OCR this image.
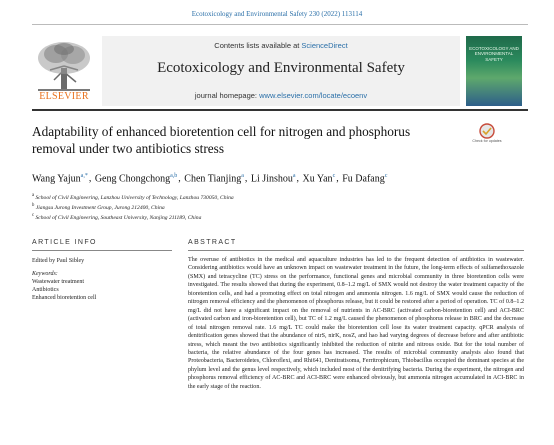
Ecotoxicology and Environmental Safety 230 (2022) 113114
ELSEVIER
Contents lists available at ScienceDirect
Ecotoxicology and Environmental Safety
journal homepage: www.elsevier.com/locate/ecoenv
ECOTOXICOLOGY AND ENVIRONMENTAL SAFETY
Adaptability of enhanced bioretention cell for nitrogen and phosphorus removal under two antibiotics stress	Check for updates
Wang Yajun$^{a,*}$, Geng Chongchong$^{a,b}$, Chen Tianjing$^a$, Li Jinshou$^a$, Xu Yan$^c$, Fu Dafang$^c$
$^a$ School of Civil Engineering, Lanzhou University of Technology, Lanzhou 730050, China
$^b$ Jiangsu Jurong Investment Group, Jurong 212400, China
$^c$ School of Civil Engineering, Southeast University, Nanjing 211189, China
ARTICLE INFO
Edited by Paul Sibley
Keywords:
Wastewater treatment
Antibiotics
Enhanced bioretention cell
ABSTRACT
The overuse of antibiotics in the medical and aquaculture industries has led to the frequent detection of antibiotics in wastewater. Considering antibiotics would have an unknown impact on wastewater treatment in the future, the long-term effects of sulfamethoxazole (SMX) and tetracycline (TC) stress on the performance, functional genes and microbial community in three bioretention cells were investigated. The results showed that during the experiment, 0.8–1.2 mg/L of SMX would not destroy the water treatment capacity of the bioretention cells, and had a promoting effect on total nitrogen and ammonia nitrogen. 1.6 mg/L of SMX would cause the reduction of nitrogen removal efficiency and the phenomenon of phosphorus release, but it could be restored after a period of operation. TC of 0.8–1.2 mg/L did not have a significant impact on the removal of nutrients in AC-BRC (activated carbon-bioretention cell) and ACI-BRC (activated carbon and iron-bioretention cell), but TC of 1.2 mg/L caused the phenomenon of phosphorus release in BRC and the decrease of total nitrogen removal rate. 1.6 mg/L TC could make the bioretention cell lose its water treatment capacity. qPCR analysis of denitrification genes showed that the abundance of nirS, nirK, nosZ, and hao had varying degrees of decrease before and after antibiotic stress, which meant the two antibiotics significantly inhibited the reduction of nitrite and nitrous oxide. But for the total number of bacteria, the relative abundance of the four genes has increased. The results of microbial community analysis also found that Proteobacteria, Bacteroidetes, Chloroflexi, and Rhi641, Denitratisoma, Ferritrophicum, Thiobacillus occupied the dominant species at the phylum level and the genus level respectively, which included most of the denitrifying bacteria. During the experiment, the nitrogen and phosphorus removal efficiency of AC-BRC and ACI-BRC were enhanced obviously, but ammonia nitrogen accumulated in ACI-BRC in the early stage of the reaction.
